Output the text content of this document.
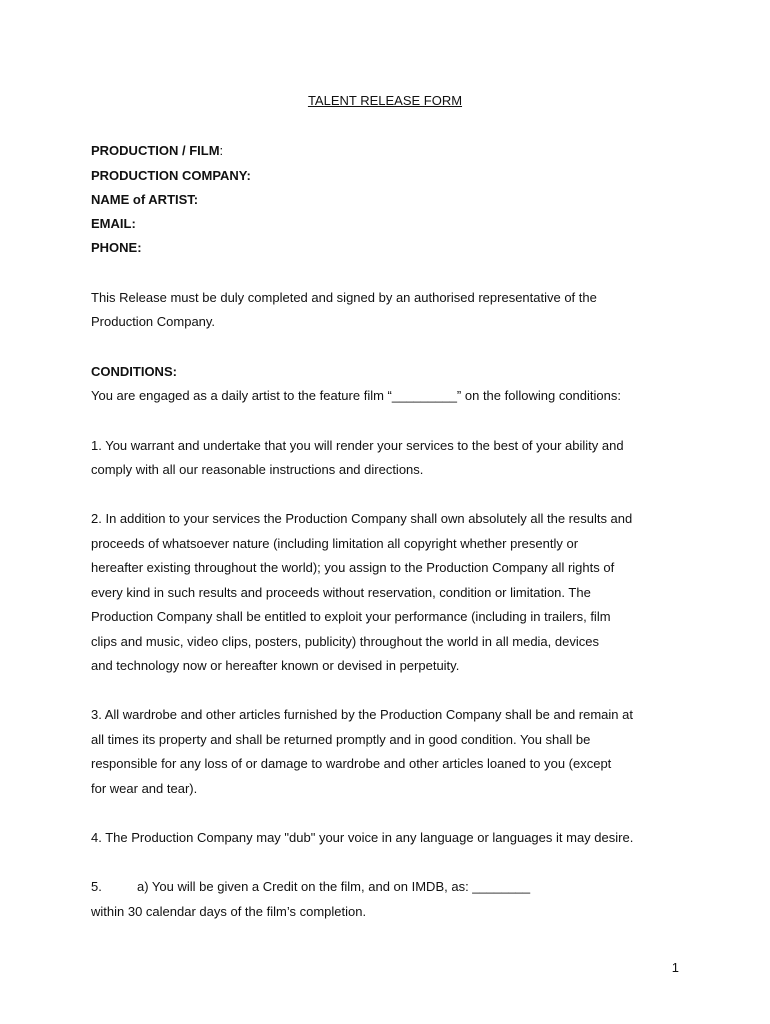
TALENT RELEASE FORM
PRODUCTION / FILM:
PRODUCTION COMPANY:
NAME of ARTIST:
EMAIL:
PHONE:
This Release must be duly completed and signed by an authorised representative of the
Production Company.
CONDITIONS:
You are engaged as a daily artist to the feature film “_________” on the following conditions:
1. You warrant and undertake that you will render your services to the best of your ability and
comply with all our reasonable instructions and directions.
2. In addition to your services the Production Company shall own absolutely all the results and
proceeds of whatsoever nature (including limitation all copyright whether presently or
hereafter existing throughout the world); you assign to the Production Company all rights of
every kind in such results and proceeds without reservation, condition or limitation. The
Production Company shall be entitled to exploit your performance (including in trailers, film
clips and music, video clips, posters, publicity) throughout the world in all media, devices
and technology now or hereafter known or devised in perpetuity.
3. All wardrobe and other articles furnished by the Production Company shall be and remain at
all times its property and shall be returned promptly and in good condition. You shall be
responsible for any loss of or damage to wardrobe and other articles loaned to you (except
for wear and tear).
4. The Production Company may "dub" your voice in any language or languages it may desire.
5.	a) You will be given a Credit on the film, and on IMDB, as: ________
within 30 calendar days of the film’s completion.
1
